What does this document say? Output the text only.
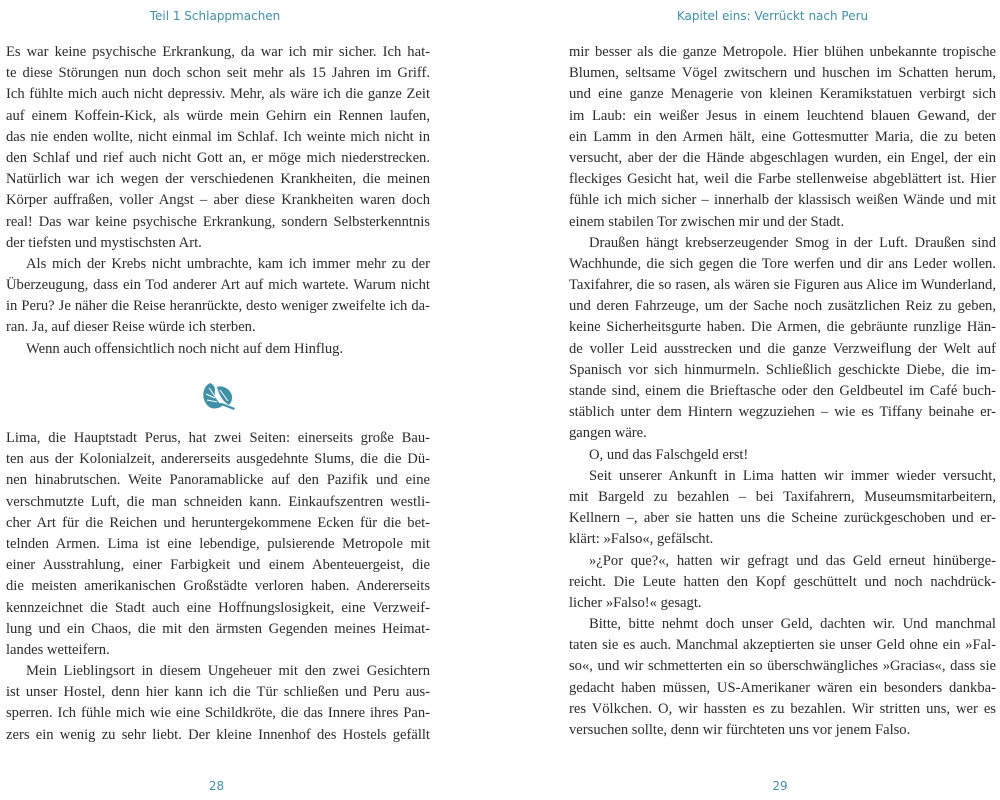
Teil 1 Schlappmachen
Es war keine psychische Erkrankung, da war ich mir sicher. Ich hat-
te diese Störungen nun doch schon seit mehr als 15 Jahren im Griff.
Ich fühlte mich auch nicht depressiv. Mehr, als wäre ich die ganze Zeit
auf einem Koffein-Kick, als würde mein Gehirn ein Rennen laufen,
das nie enden wollte, nicht einmal im Schlaf. Ich weinte mich nicht in
den Schlaf und rief auch nicht Gott an, er möge mich niederstrecken.
Natürlich war ich wegen der verschiedenen Krankheiten, die meinen
Körper auffraßen, voller Angst – aber diese Krankheiten waren doch
real! Das war keine psychische Erkrankung, sondern Selbsterkenntnis
der tiefsten und mystischsten Art.
Als mich der Krebs nicht umbrachte, kam ich immer mehr zu der
Überzeugung, dass ein Tod anderer Art auf mich wartete. Warum nicht
in Peru? Je näher die Reise heranrückte, desto weniger zweifelte ich da-
ran. Ja, auf dieser Reise würde ich sterben.
Wenn auch offensichtlich noch nicht auf dem Hinflug.
Lima, die Hauptstadt Perus, hat zwei Seiten: einerseits große Bau-
ten aus der Kolonialzeit, andererseits ausgedehnte Slums, die die Dü-
nen hinabrutschen. Weite Panoramablicke auf den Pazifik und eine
verschmutzte Luft, die man schneiden kann. Einkaufszentren westli-
cher Art für die Reichen und heruntergekommene Ecken für die bet-
telnden Armen. Lima ist eine lebendige, pulsierende Metropole mit
einer Ausstrahlung, einer Farbigkeit und einem Abenteuergeist, die
die meisten amerikanischen Großstädte verloren haben. Andererseits
kennzeichnet die Stadt auch eine Hoffnungslosigkeit, eine Verzweif-
lung und ein Chaos, die mit den ärmsten Gegenden meines Heimat-
landes wetteifern.
Mein Lieblingsort in diesem Ungeheuer mit den zwei Gesichtern
ist unser Hostel, denn hier kann ich die Tür schließen und Peru aus-
sperren. Ich fühle mich wie eine Schildkröte, die das Innere ihres Pan-
zers ein wenig zu sehr liebt. Der kleine Innenhof des Hostels gefällt
28
Kapitel eins: Verrückt nach Peru
mir besser als die ganze Metropole. Hier blühen unbekannte tropische
Blumen, seltsame Vögel zwitschern und huschen im Schatten herum,
und eine ganze Menagerie von kleinen Keramikstatuen verbirgt sich
im Laub: ein weißer Jesus in einem leuchtend blauen Gewand, der
ein Lamm in den Armen hält, eine Gottesmutter Maria, die zu beten
versucht, aber der die Hände abgeschlagen wurden, ein Engel, der ein
fleckiges Gesicht hat, weil die Farbe stellenweise abgeblättert ist. Hier
fühle ich mich sicher – innerhalb der klassisch weißen Wände und mit
einem stabilen Tor zwischen mir und der Stadt.
Draußen hängt krebserzeugender Smog in der Luft. Draußen sind
Wachhunde, die sich gegen die Tore werfen und dir ans Leder wollen.
Taxifahrer, die so rasen, als wären sie Figuren aus Alice im Wunderland,
und deren Fahrzeuge, um der Sache noch zusätzlichen Reiz zu geben,
keine Sicherheitsgurte haben. Die Armen, die gebräunte runzlige Hän-
de voller Leid ausstrecken und die ganze Verzweiflung der Welt auf
Spanisch vor sich hinmurmeln. Schließlich geschickte Diebe, die im-
stande sind, einem die Brieftasche oder den Geldbeutel im Café buch-
stäblich unter dem Hintern wegzuziehen – wie es Tiffany beinahe er-
gangen wäre.
O, und das Falschgeld erst!
Seit unserer Ankunft in Lima hatten wir immer wieder versucht,
mit Bargeld zu bezahlen – bei Taxifahrern, Museumsmitarbeitern,
Kellnern –, aber sie hatten uns die Scheine zurückgeschoben und er-
klärt: »Falso«, gefälscht.
»¿Por que?«, hatten wir gefragt und das Geld erneut hinüberge-
reicht. Die Leute hatten den Kopf geschüttelt und noch nachdrück-
licher »Falso!« gesagt.
Bitte, bitte nehmt doch unser Geld, dachten wir. Und manchmal
taten sie es auch. Manchmal akzeptierten sie unser Geld ohne ein »Fal-
so«, und wir schmetterten ein so überschwängliches »Gracias«, dass sie
gedacht haben müssen, US-Amerikaner wären ein besonders dankba-
res Völkchen. O, wir hassten es zu bezahlen. Wir stritten uns, wer es
versuchen sollte, denn wir fürchteten uns vor jenem Falso.
29
